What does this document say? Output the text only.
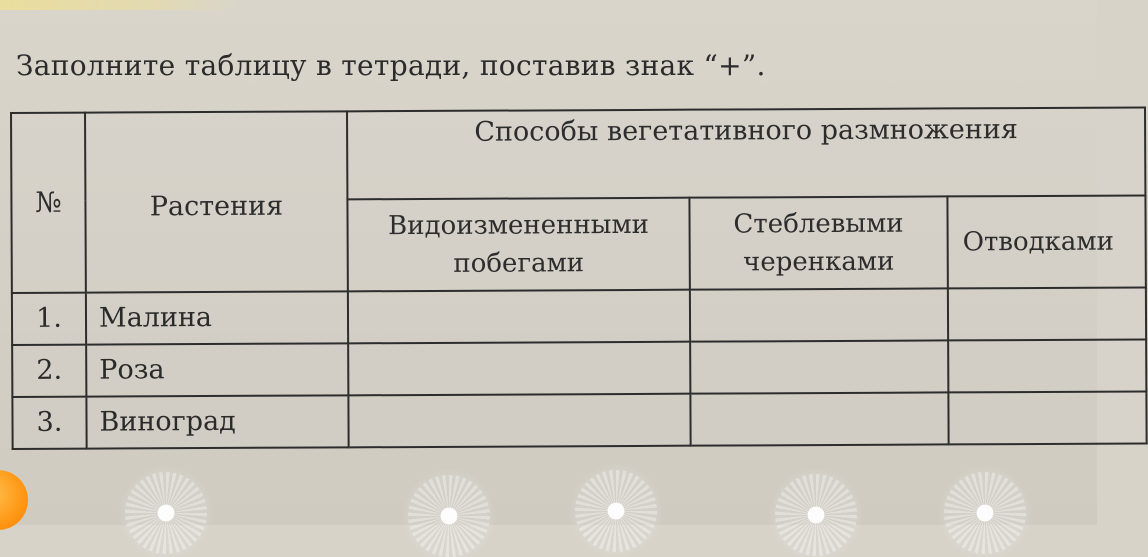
Заполните таблицу в тетради, поставив знак “+”.
№	Растения	Способы вегетативного размножения		
		Видоизмененными побегами	Стеблевыми черенками	Отводками
1.	Малина			
2.	Роза			
3.	Виноград			
